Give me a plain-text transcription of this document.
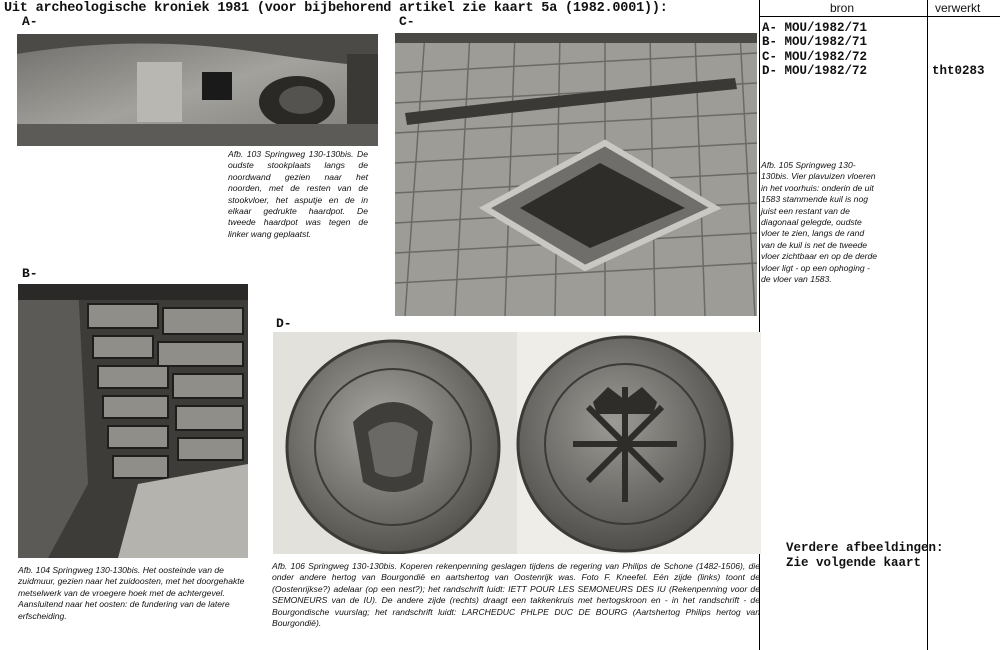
Uit archeologische kroniek 1981 (voor bijbehorend artikel zie kaart 5a (1982.0001)):	bron	verwerkt
A- MOU/1982/71
B- MOU/1982/71
C- MOU/1982/72
D- MOU/1982/72	tht0283
Verdere afbeeldingen:
Zie volgende kaart
A-
Afb. 103 Springweg 130-130bis. De oudste stookplaats langs de noordwand gezien naar het noorden, met de resten van de stookvloer, het asputje en de in elkaar gedrukte haardpot. De tweede haardpot was tegen de linker wang geplaatst.
B-
Afb. 104 Springweg 130-130bis. Het oosteinde van de zuidmuur, gezien naar het zuidoosten, met het doorgehakte metselwerk van de vroegere hoek met de achtergevel. Aansluitend naar het oosten: de fundering van de latere erfscheiding.
C-
Afb. 105 Springweg 130-130bis. Vier plavuizen vloeren in het voorhuis: onderin de uit 1583 stammende kuil is nog juist een restant van de diagonaal gelegde, oudste vloer te zien, langs de rand van de kuil is net de tweede vloer zichtbaar en op de derde vloer ligt - op een ophoging - de vloer van 1583.
D-
Afb. 106 Springweg 130-130bis. Koperen rekenpenning geslagen tijdens de regering van Philips de Schone (1482-1506), die onder andere hertog van Bourgondië en aartshertog van Oostenrijk was. Foto F. Kneefel. Eén zijde (links) toont de (Oostenrijkse?) adelaar (op een nest?); het randschrift luidt: IETT POUR LES SEMONEURS DES IU (Rekenpenning voor de SEMONEURS van de IU). De andere zijde (rechts) draagt een takkenkruis met hertogskroon en - in het randschrift - de Bourgondische vuurslag; het randschrift luidt: LARCHEDUC PHLPE DUC DE BOURG (Aartshertog Philips hertog van Bourgondië).
